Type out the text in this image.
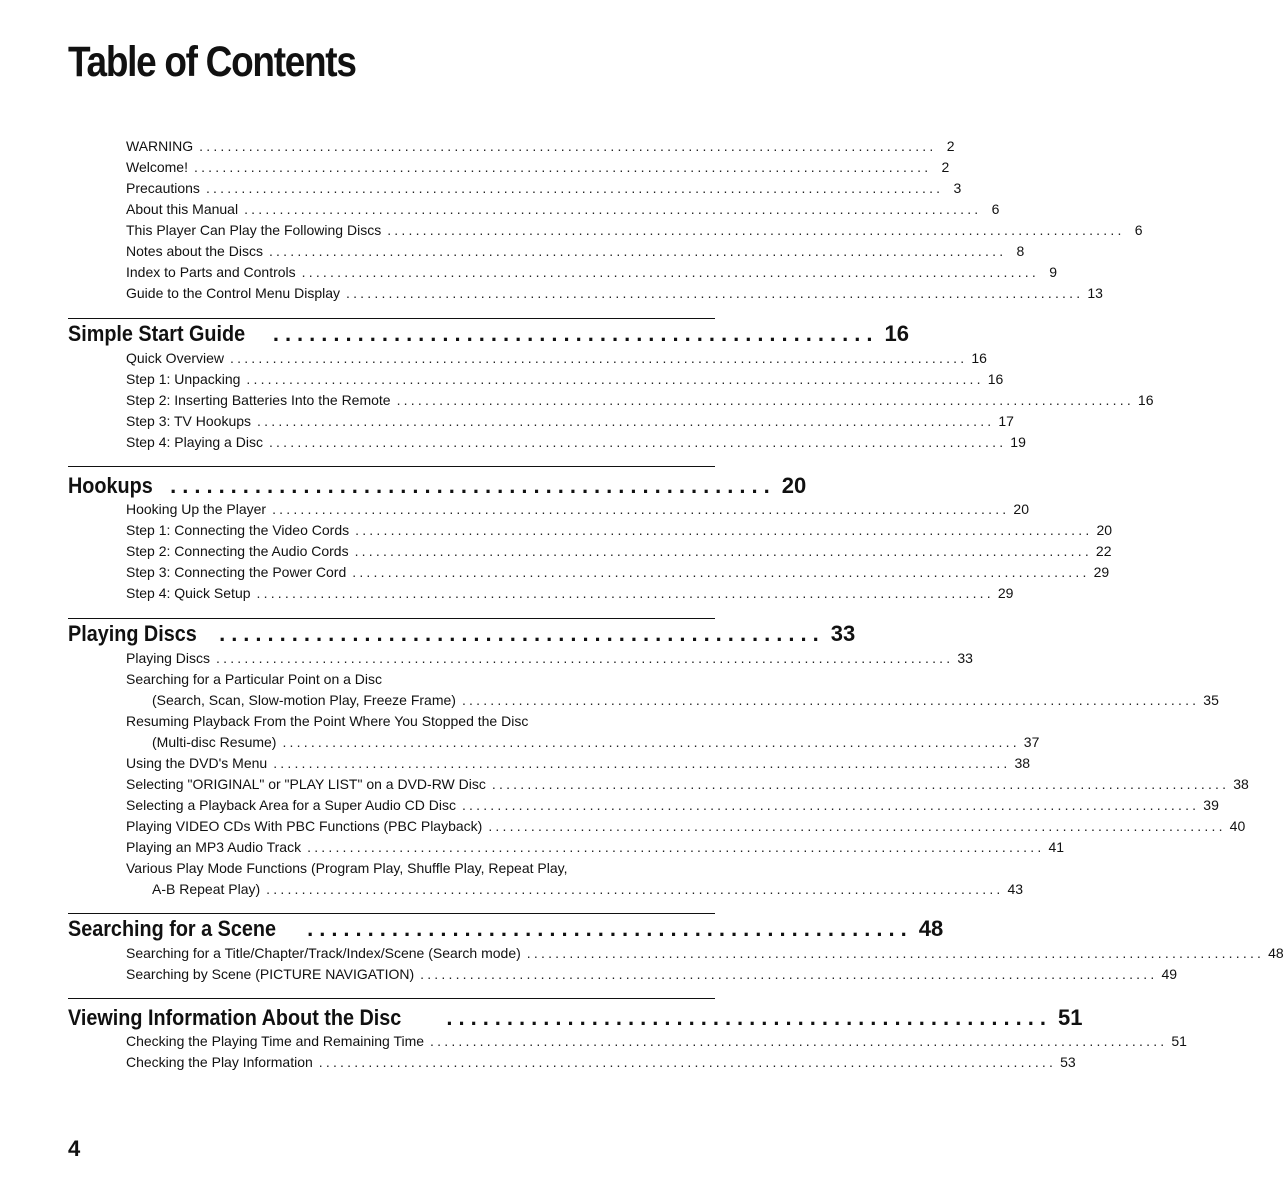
Table of Contents
WARNING ........................................................................................................ 2
Welcome! ........................................................................................................ 2
Precautions ........................................................................................................ 3
About this Manual ........................................................................................................ 6
This Player Can Play the Following Discs ........................................................................................................ 6
Notes about the Discs ........................................................................................................ 8
Index to Parts and Controls ........................................................................................................ 9
Guide to the Control Menu Display ........................................................................................................ 13
Simple Start Guide	.................................................. 16
Quick Overview ........................................................................................................ 16
Step 1: Unpacking ........................................................................................................ 16
Step 2: Inserting Batteries Into the Remote ........................................................................................................ 16
Step 3: TV Hookups ........................................................................................................ 17
Step 4: Playing a Disc ........................................................................................................ 19
Hookups .................................................. 20
Hooking Up the Player ........................................................................................................ 20
Step 1: Connecting the Video Cords ........................................................................................................ 20
Step 2: Connecting the Audio Cords ........................................................................................................ 22
Step 3: Connecting the Power Cord ........................................................................................................ 29
Step 4: Quick Setup ........................................................................................................ 29
Playing Discs	.................................................. 33
Playing Discs ........................................................................................................ 33
Searching for a Particular Point on a Disc
(Search, Scan, Slow-motion Play, Freeze Frame) ........................................................................................................ 35
Resuming Playback From the Point Where You Stopped the Disc
(Multi-disc Resume) ........................................................................................................ 37
Using the DVD's Menu ........................................................................................................ 38
Selecting "ORIGINAL" or "PLAY LIST" on a DVD-RW Disc ........................................................................................................ 38
Selecting a Playback Area for a Super Audio CD Disc ........................................................................................................ 39
Playing VIDEO CDs With PBC Functions (PBC Playback) ........................................................................................................ 40
Playing an MP3 Audio Track ........................................................................................................ 41
Various Play Mode Functions (Program Play, Shuffle Play, Repeat Play,
A-B Repeat Play) ........................................................................................................ 43
Searching for a Scene	.................................................. 48
Searching for a Title/Chapter/Track/Index/Scene (Search mode) ........................................................................................................ 48
Searching by Scene (PICTURE NAVIGATION) ........................................................................................................ 49
Viewing Information About the Disc	.................................................. 51
Checking the Playing Time and Remaining Time ........................................................................................................ 51
Checking the Play Information ........................................................................................................ 53
4
